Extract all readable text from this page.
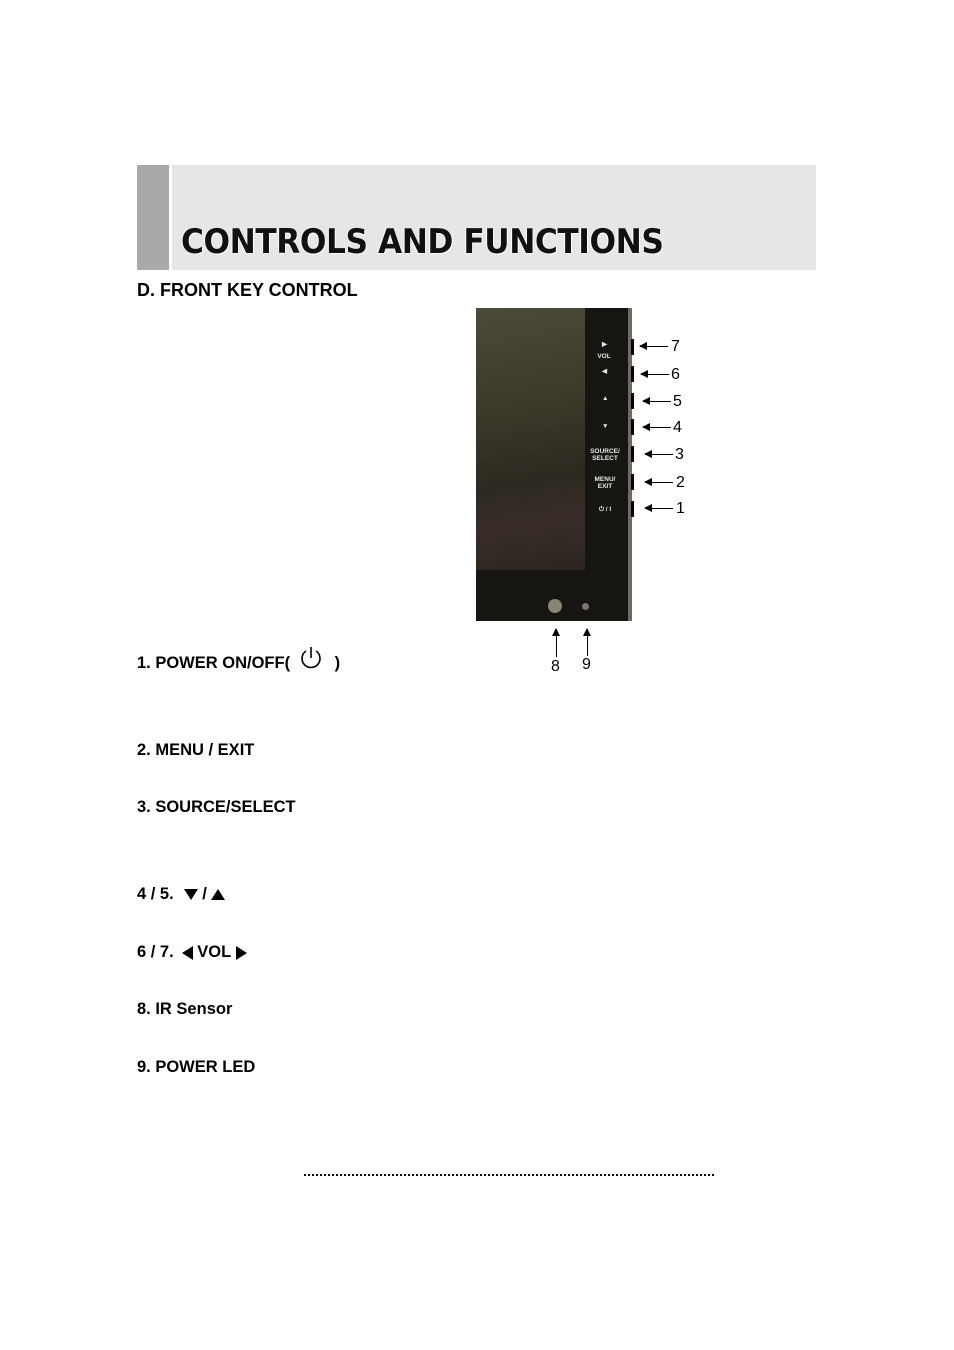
CONTROLS AND FUNCTIONS
D. FRONT KEY CONTROL
▶
VOL
◀
▲
▼
SOURCE/
SELECT
MENU/
EXIT
⏻ / I
7
6
5
4
3
2
1
8 9
1. POWER ON/OFF( )
2. MENU / EXIT
3. SOURCE/SELECT
4 / 5. /
6 / 7. VOL
8. IR Sensor
9. POWER LED
